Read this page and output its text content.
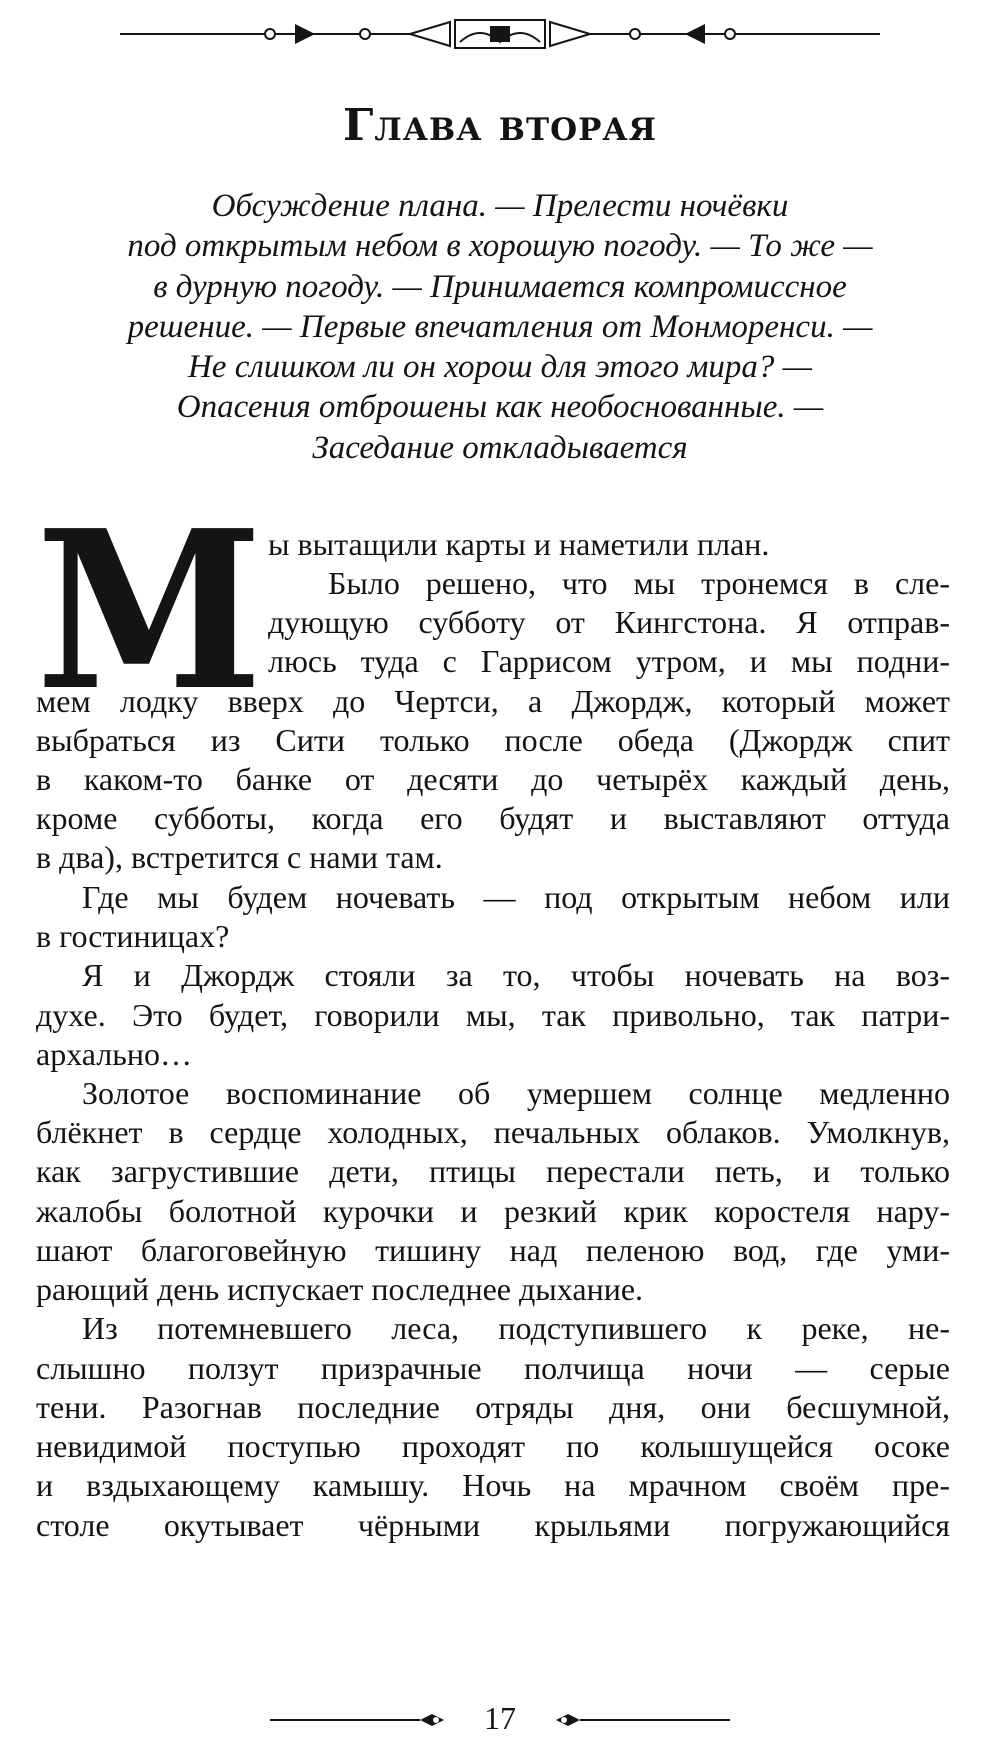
Глава вторая
Обсуждение плана. — Прелести ночёвки
под открытым небом в хорошую погоду. — То же —
в дурную погоду. — Принимается компромиссное
решение. — Первые впечатления от Монморенси. —
Не слишком ли он хорош для этого мира? —
Опасения отброшены как необоснованные. —
Заседание откладывается
М ы вытащили карты и наметили план.
Было решено, что мы тронемся в сле-
дующую субботу от Кингстона. Я отправ-
люсь туда с Гаррисом утром, и мы подни-
мем лодку вверх до Чертси, а Джордж, который может
выбраться из Сити только после обеда (Джордж спит
в каком-то банке от десяти до четырёх каждый день,
кроме субботы, когда его будят и выставляют оттуда
в два), встретится с нами там.
Где мы будем ночевать — под открытым небом или
в гостиницах?
Я и Джордж стояли за то, чтобы ночевать на воз-
духе. Это будет, говорили мы, так привольно, так патри-
архально…
Золотое воспоминание об умершем солнце медленно
блёкнет в сердце холодных, печальных облаков. Умолкнув,
как загрустившие дети, птицы перестали петь, и только
жалобы болотной курочки и резкий крик коростеля нару-
шают благоговейную тишину над пеленою вод, где уми-
рающий день испускает последнее дыхание.
Из потемневшего леса, подступившего к реке, не-
слышно ползут призрачные полчища ночи — серые
тени. Разогнав последние отряды дня, они бесшумной,
невидимой поступью проходят по колышущейся осоке
и вздыхающему камышу. Ночь на мрачном своём пре-
столе окутывает чёрными крыльями погружающийся
17
